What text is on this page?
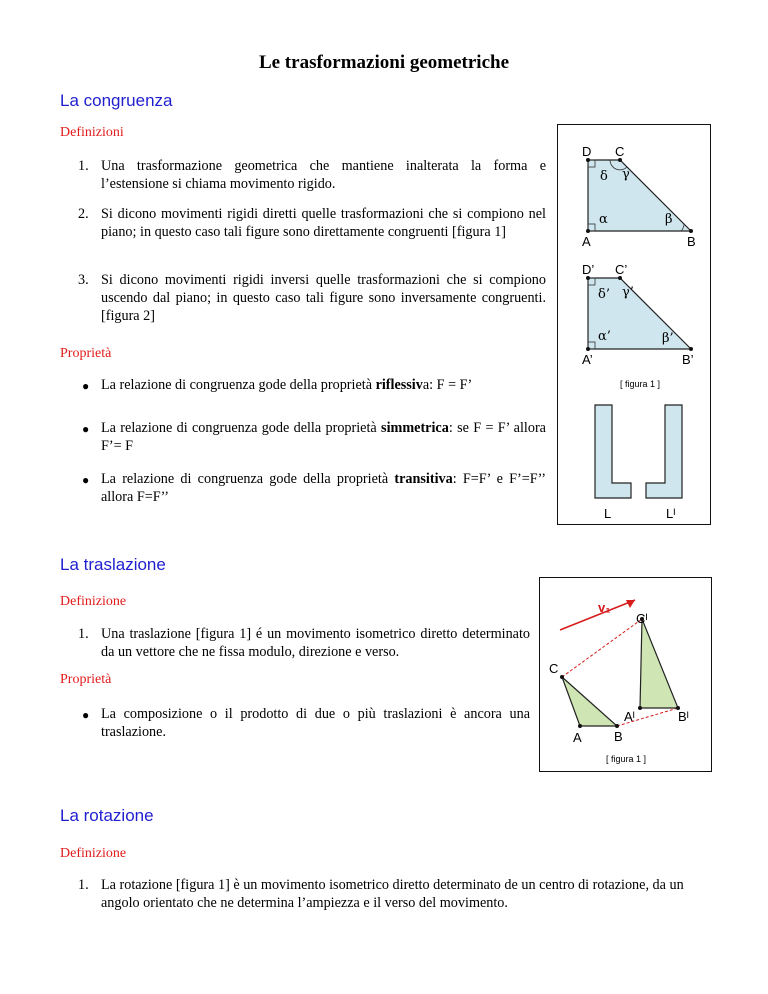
Le trasformazioni geometriche
La congruenza
Definizioni
1. Una trasformazione geometrica che mantiene inalterata la forma e l’estensione si chiama movimento rigido.
2. Si dicono movimenti rigidi diretti quelle trasformazioni che si compiono nel piano; in questo caso tali figure sono direttamente congruenti [figura 1]
3. Si dicono movimenti rigidi inversi quelle trasformazioni che si compiono uscendo dal piano; in questo caso tali figure sono inversamente congruenti. [figura 2]
Proprietà
● La relazione di congruenza gode della proprietà riflessiva: F = F’
● La relazione di congruenza gode della proprietà simmetrica: se F = F’ allora F’= F
● La relazione di congruenza gode della proprietà transitiva: F=F’ e F’=F’’ allora F=F’’
D C
A	B
δ γ
α	β
D’ C’
A’	B’
δ’ γ’
α’	β’
[ figura 1 ]
L	Lᴵ
La traslazione
Definizione
1. Una traslazione [figura 1] é un movimento isometrico diretto determinato da un vettore che ne fissa modulo, direzione e verso.
Proprietà
● La composizione o il prodotto di due o più traslazioni è ancora una traslazione.
v₁
C
A B
Cᴵ
Aᴵ	Bᴵ
[ figura 1 ]
La rotazione
Definizione
1. La rotazione [figura 1] è un movimento isometrico diretto determinato de un centro di rotazione, da un angolo orientato che ne determina l’ampiezza e il verso del movimento.
